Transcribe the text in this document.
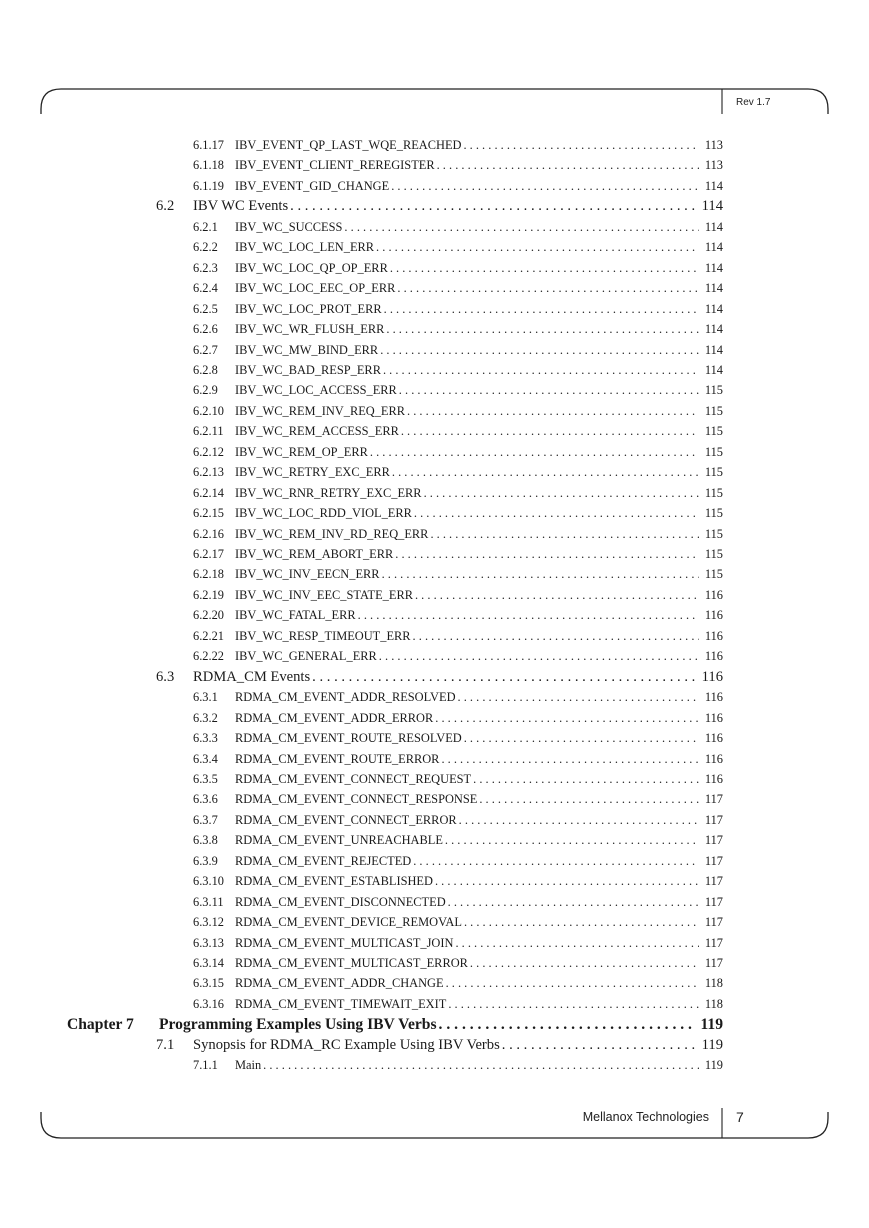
Rev 1.7
Mellanox Technologies 7
6.1.17 IBV_EVENT_QP_LAST_WQE_REACHED . . .	113
6.1.18 IBV_EVENT_CLIENT_REREGISTER . . .	113
6.1.19 IBV_EVENT_GID_CHANGE . . .	114
6.2	IBV WC Events . . .	114
6.2.1	IBV_WC_SUCCESS . . .	114
6.2.2	IBV_WC_LOC_LEN_ERR . . .	114
6.2.3	IBV_WC_LOC_QP_OP_ERR . . .	114
6.2.4	IBV_WC_LOC_EEC_OP_ERR . . .	114
6.2.5	IBV_WC_LOC_PROT_ERR . . .	114
6.2.6	IBV_WC_WR_FLUSH_ERR . . .	114
6.2.7	IBV_WC_MW_BIND_ERR . . .	114
6.2.8	IBV_WC_BAD_RESP_ERR . . .	114
6.2.9	IBV_WC_LOC_ACCESS_ERR . . .	115
6.2.10 IBV_WC_REM_INV_REQ_ERR . . .	115
6.2.11 IBV_WC_REM_ACCESS_ERR . . .	115
6.2.12 IBV_WC_REM_OP_ERR . . .	115
6.2.13 IBV_WC_RETRY_EXC_ERR . . .	115
6.2.14 IBV_WC_RNR_RETRY_EXC_ERR . . .	115
6.2.15 IBV_WC_LOC_RDD_VIOL_ERR . . .	115
6.2.16 IBV_WC_REM_INV_RD_REQ_ERR . . .	115
6.2.17 IBV_WC_REM_ABORT_ERR . . .	115
6.2.18 IBV_WC_INV_EECN_ERR . . .	115
6.2.19 IBV_WC_INV_EEC_STATE_ERR . . .	116
6.2.20 IBV_WC_FATAL_ERR . . .	116
6.2.21 IBV_WC_RESP_TIMEOUT_ERR . . .	116
6.2.22 IBV_WC_GENERAL_ERR . . .	116
6.3	RDMA_CM Events . . .	116
6.3.1	RDMA_CM_EVENT_ADDR_RESOLVED . . .	116
6.3.2	RDMA_CM_EVENT_ADDR_ERROR . . .	116
6.3.3	RDMA_CM_EVENT_ROUTE_RESOLVED . . .	116
6.3.4	RDMA_CM_EVENT_ROUTE_ERROR . . .	116
6.3.5	RDMA_CM_EVENT_CONNECT_REQUEST . . .	116
6.3.6	RDMA_CM_EVENT_CONNECT_RESPONSE . . .	117
6.3.7	RDMA_CM_EVENT_CONNECT_ERROR . . .	117
6.3.8	RDMA_CM_EVENT_UNREACHABLE . . .	117
6.3.9	RDMA_CM_EVENT_REJECTED . . .	117
6.3.10 RDMA_CM_EVENT_ESTABLISHED . . .	117
6.3.11 RDMA_CM_EVENT_DISCONNECTED . . .	117
6.3.12 RDMA_CM_EVENT_DEVICE_REMOVAL . . .	117
6.3.13 RDMA_CM_EVENT_MULTICAST_JOIN . . .	117
6.3.14 RDMA_CM_EVENT_MULTICAST_ERROR . . .	117
6.3.15 RDMA_CM_EVENT_ADDR_CHANGE . . .	118
6.3.16 RDMA_CM_EVENT_TIMEWAIT_EXIT . . .	118
Chapter 7	Programming Examples Using IBV Verbs . . .	119
7.1	Synopsis for RDMA_RC Example Using IBV Verbs . . .	119
7.1.1	Main . . .	119
